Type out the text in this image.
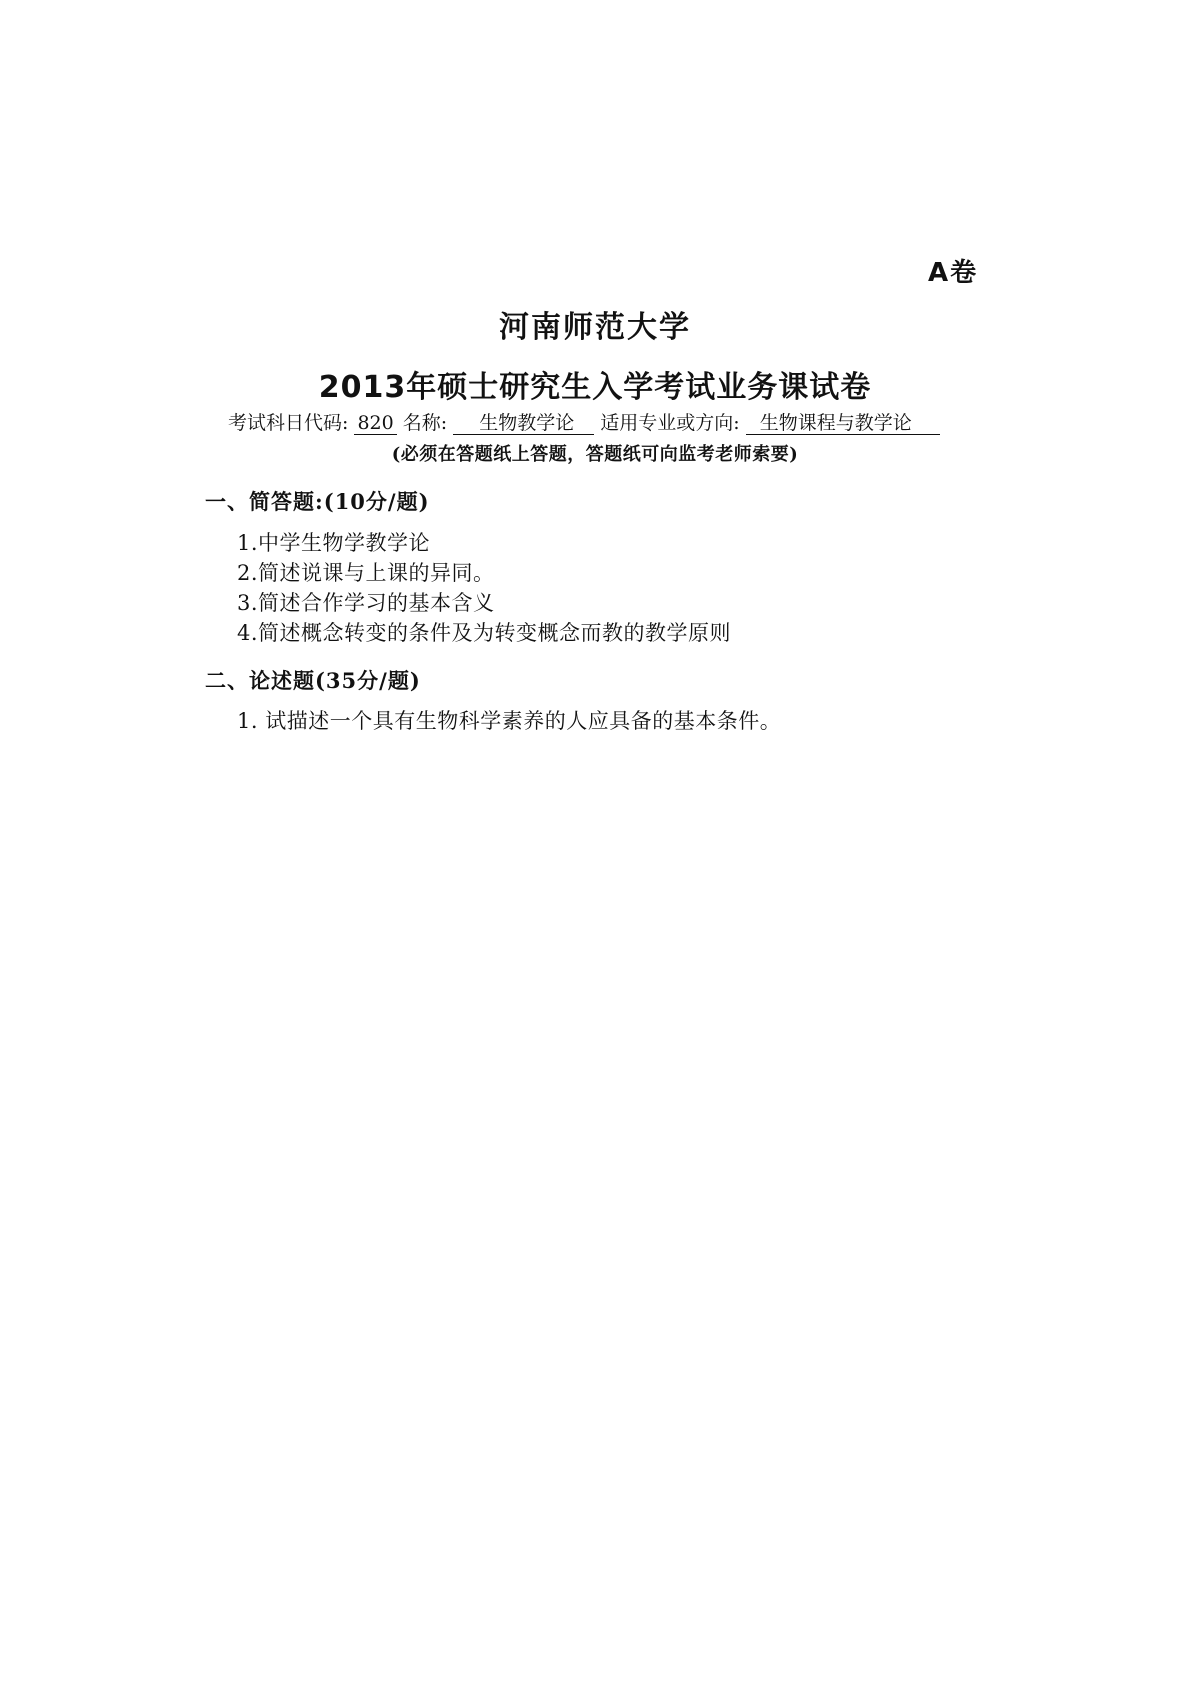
A卷
河南师范大学
2013年硕士研究生入学考试业务课试卷
考试科日代码: 820 名称: 生物教学论 适用专业或方向: 生物课程与教学论
(必须在答题纸上答题，答题纸可向监考老师索要)
一、简答题:(10分/题)
1.中学生物学教学论
2.简述说课与上课的异同。
3.简述合作学习的基本含义
4.简述概念转变的条件及为转变概念而教的教学原则
二、论述题(35分/题)
1. 试描述一个具有生物科学素养的人应具备的基本条件。
